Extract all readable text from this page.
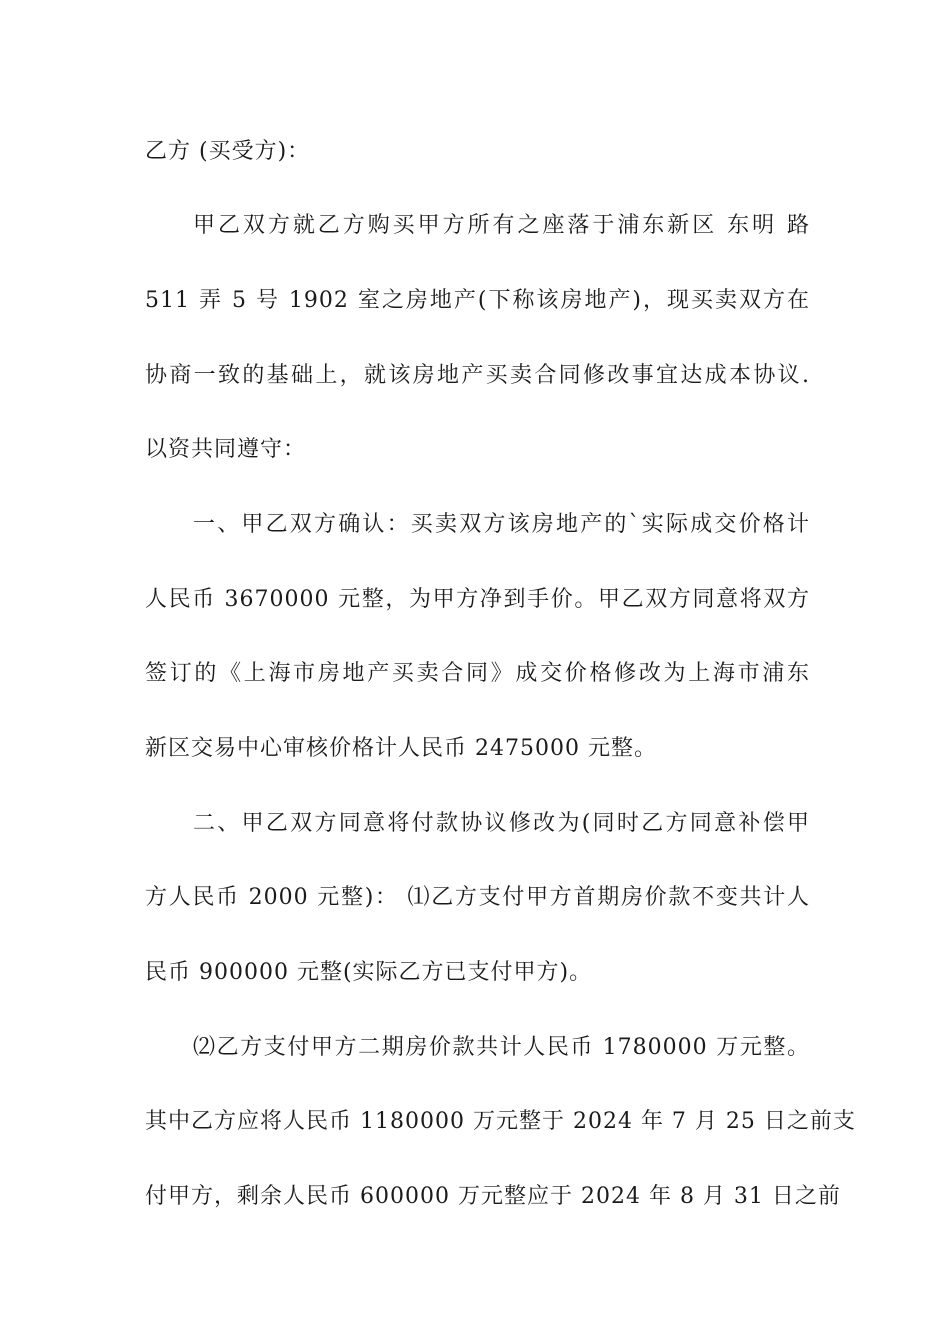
乙方 (买受方)：
甲乙双方就乙方购买甲方所有之座落于浦东新区 东明 路
511 弄 5 号 1902 室之房地产(下称该房地产)，现买卖双方在
协商一致的基础上，就该房地产买卖合同修改事宜达成本协议.
以资共同遵守：
一、甲乙双方确认：买卖双方该房地产的`实际成交价格计
人民币 3670000 元整，为甲方净到手价。甲乙双方同意将双方
签订的《上海市房地产买卖合同》成交价格修改为上海市浦东
新区交易中心审核价格计人民币 2475000 元整。
二、甲乙双方同意将付款协议修改为(同时乙方同意补偿甲
方人民币 2000 元整)： ⑴乙方支付甲方首期房价款不变共计人
民币 900000 元整(实际乙方已支付甲方)。
⑵乙方支付甲方二期房价款共计人民币 1780000 万元整。
其中乙方应将人民币 1180000 万元整于 2024 年 7 月 25 日之前支
付甲方，剩余人民币 600000 万元整应于 2024 年 8 月 31 日之前
